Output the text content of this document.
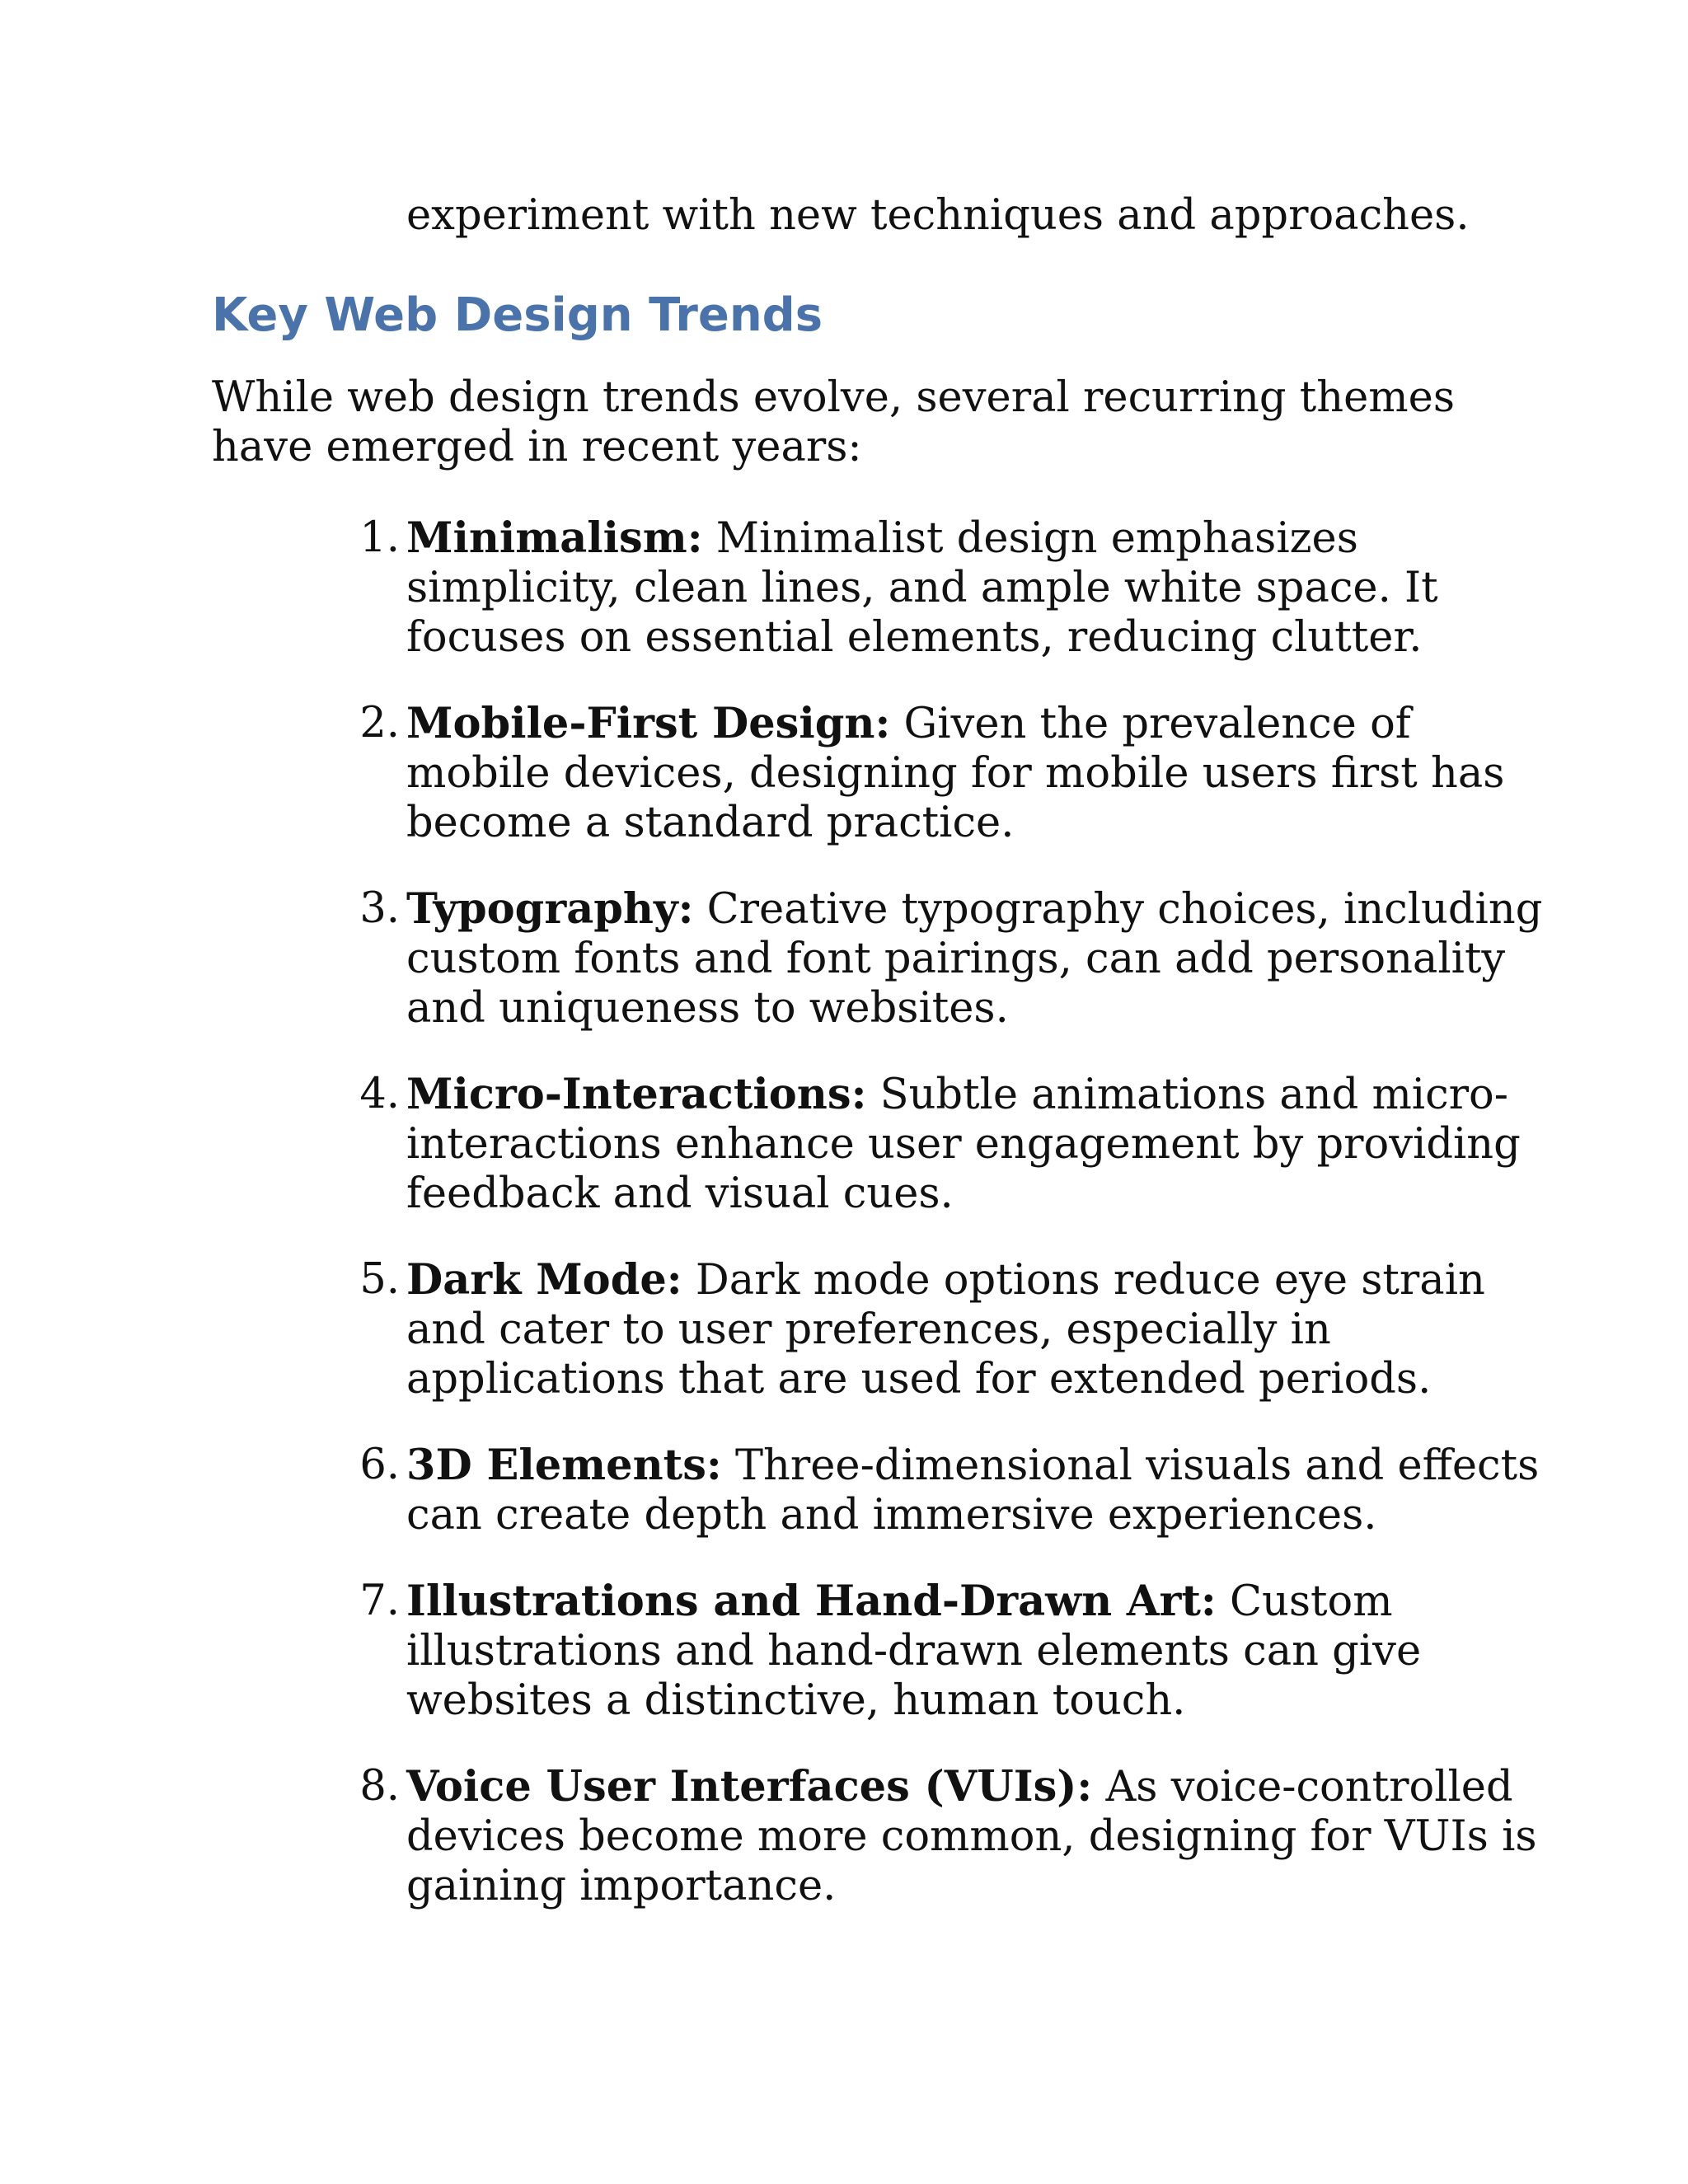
experiment with new techniques and approaches.

Key Web Design Trends

While web design trends evolve, several recurring themes have emerged in recent years:

1. Minimalism: Minimalist design emphasizes simplicity, clean lines, and ample white space. It focuses on essential elements, reducing clutter.
2. Mobile-First Design: Given the prevalence of mobile devices, designing for mobile users first has become a standard practice.
3. Typography: Creative typography choices, including custom fonts and font pairings, can add personality and uniqueness to websites.
4. Micro-Interactions: Subtle animations and micro-interactions enhance user engagement by providing feedback and visual cues.
5. Dark Mode: Dark mode options reduce eye strain and cater to user preferences, especially in applications that are used for extended periods.
6. 3D Elements: Three-dimensional visuals and effects can create depth and immersive experiences.
7. Illustrations and Hand-Drawn Art: Custom illustrations and hand-drawn elements can give websites a distinctive, human touch.
8. Voice User Interfaces (VUIs): As voice-controlled devices become more common, designing for VUIs is gaining importance.
